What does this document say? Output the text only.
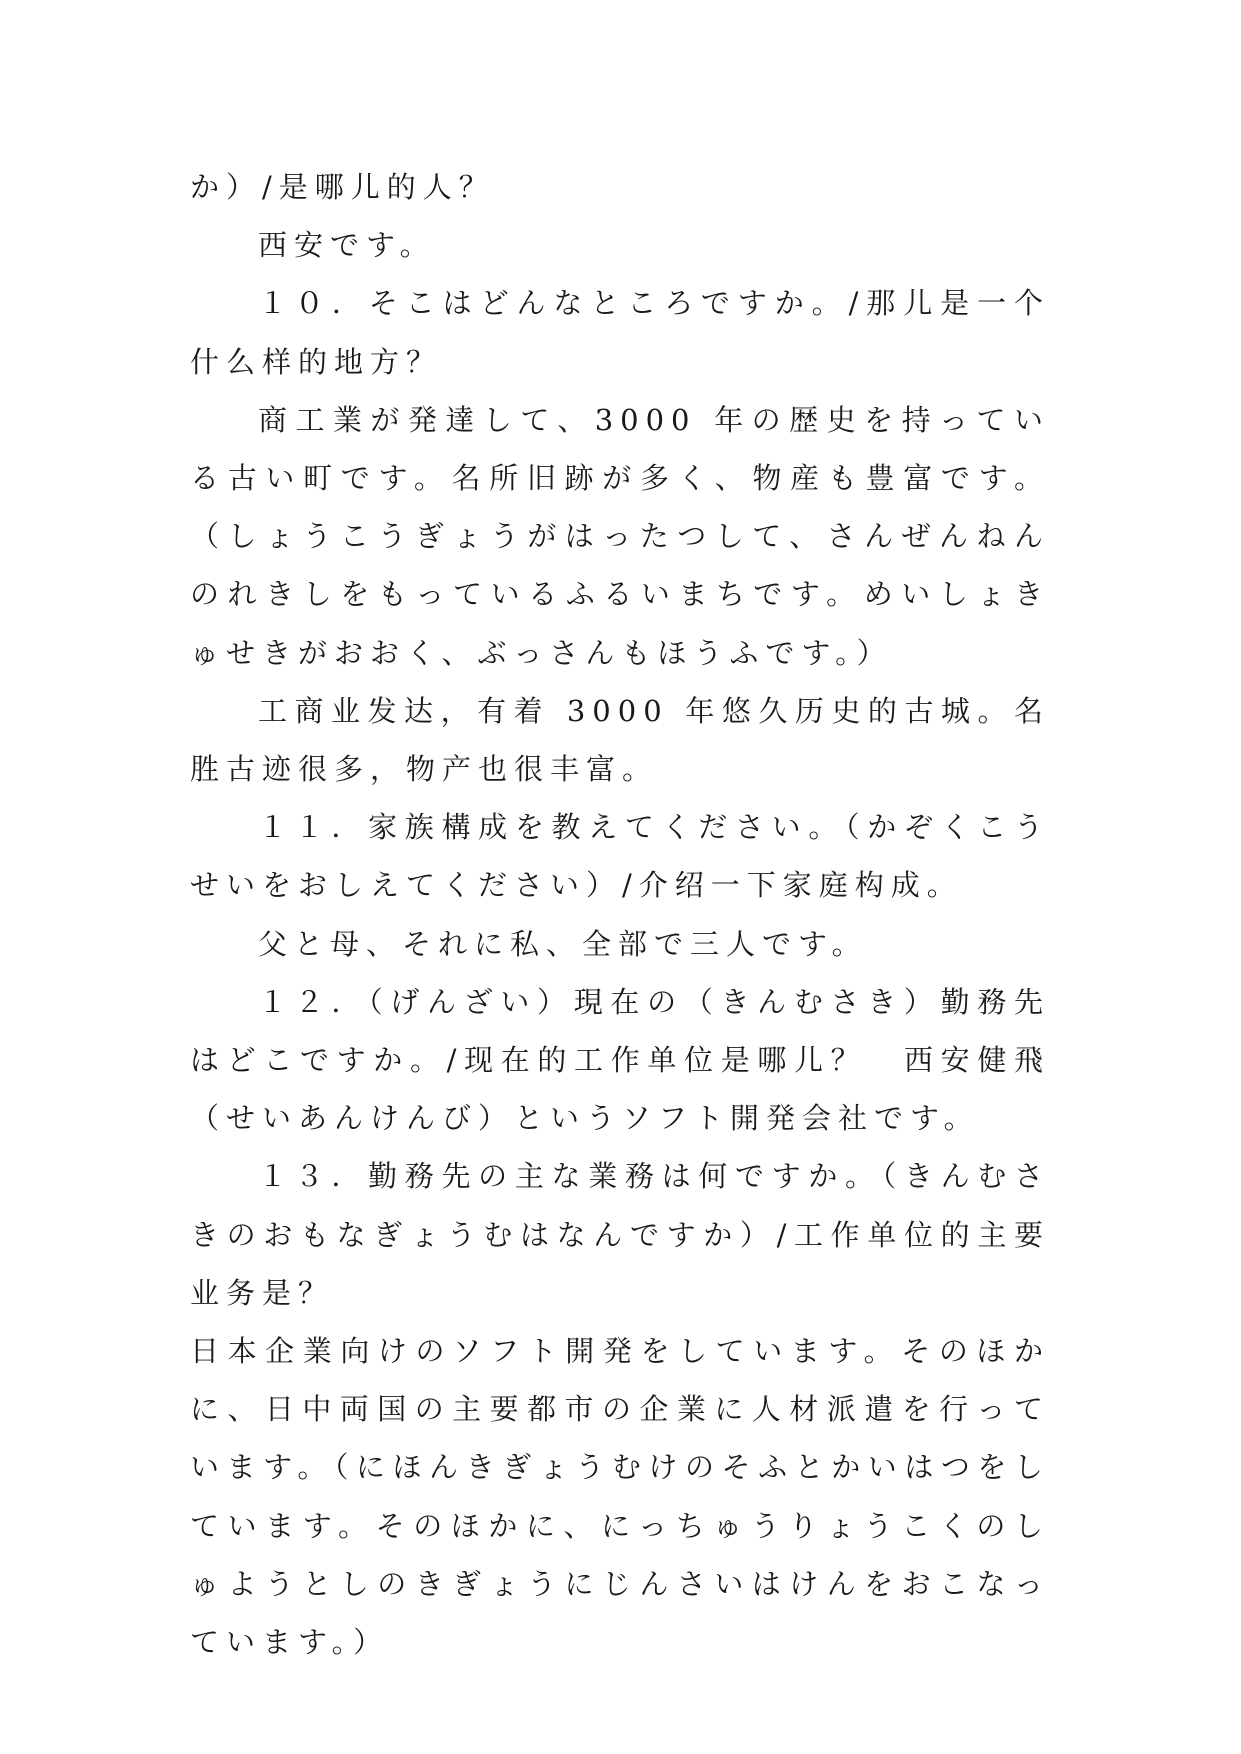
か）/是哪儿的人？

西安です。

１０．そこはどんなところですか。/那儿是一个什么样的地方？

商工業が発達して、3000 年の歴史を持っている古い町です。名所旧跡が多く、物産も豊富です。（しょうこうぎょうがはったつして、さんぜんねんのれきしをもっているふるいまちです。めいしょきゅせきがおおく、ぶっさんもほうふです。）

工商业发达，有着 3000 年悠久历史的古城。名胜古迹很多，物产也很丰富。

１１．家族構成を教えてください。（かぞくこうせいをおしえてください）/介绍一下家庭构成。

父と母、それに私、全部で三人です。

１２．（げんざい）現在の（きんむさき）勤務先はどこですか。/现在的工作单位是哪儿？　西安健飛（せいあんけんび）というソフト開発会社です。

１３．勤務先の主な業務は何ですか。（きんむさきのおもなぎょうむはなんですか）/工作单位的主要业务是？

日本企業向けのソフト開発をしています。そのほかに、日中両国の主要都市の企業に人材派遣を行っています。（にほんきぎょうむけのそふとかいはつをしています。そのほかに、にっちゅうりょうこくのしゅようとしのきぎょうにじんさいはけんをおこなっています。）
